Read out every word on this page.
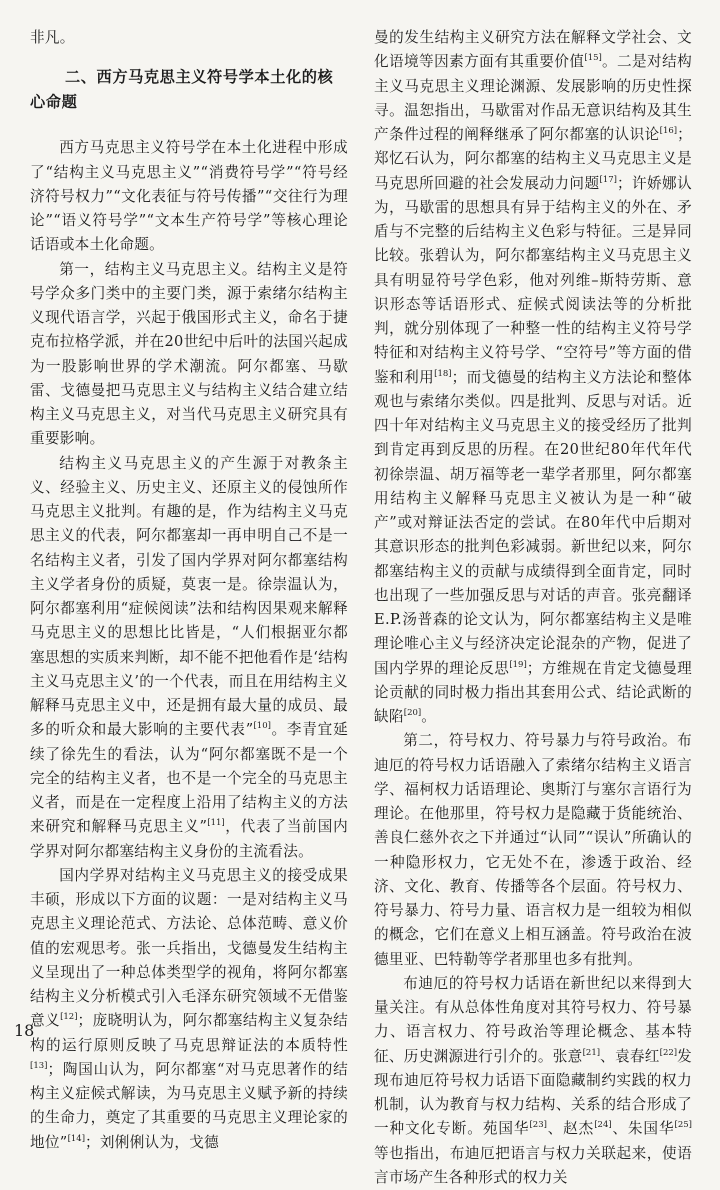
非凡。

二、西方马克思主义符号学本土化的核心命题

西方马克思主义符号学在本土化进程中形成了“结构主义马克思主义”“消费符号学”“符号经济符号权力”“文化表征与符号传播”“交往行为理论”“语义符号学”“文本生产符号学”等核心理论话语或本土化命题。

第一，结构主义马克思主义。结构主义是符号学众多门类中的主要门类，源于索绪尔结构主义现代语言学，兴起于俄国形式主义，命名于捷克布拉格学派，并在20世纪中后叶的法国兴起成为一股影响世界的学术潮流。阿尔都塞、马歇雷、戈德曼把马克思主义与结构主义结合建立结构主义马克思主义，对当代马克思主义研究具有重要影响。

结构主义马克思主义的产生源于对教条主义、经验主义、历史主义、还原主义的侵蚀所作马克思主义批判。有趣的是，作为结构主义马克思主义的代表，阿尔都塞却一再申明自己不是一名结构主义者，引发了国内学界对阿尔都塞结构主义学者身份的质疑，莫衷一是。徐崇温认为，阿尔都塞利用“症候阅读”法和结构因果观来解释马克思主义的思想比比皆是，“人们根据亚尔都塞思想的实质来判断，却不能不把他看作是‘结构主义马克思主义’的一个代表，而且在用结构主义解释马克思主义中，还是拥有最大量的成员、最多的听众和最大影响的主要代表”[10]。李青宜延续了徐先生的看法，认为“阿尔都塞既不是一个完全的结构主义者，也不是一个完全的马克思主义者，而是在一定程度上沿用了结构主义的方法来研究和解释马克思主义”[11]，代表了当前国内学界对阿尔都塞结构主义身份的主流看法。

国内学界对结构主义马克思主义的接受成果丰硕，形成以下方面的议题：一是对结构主义马克思主义理论范式、方法论、总体范畴、意义价值的宏观思考。张一兵指出，戈德曼发生结构主义呈现出了一种总体类型学的视角，将阿尔都塞结构主义分析模式引入毛泽东研究领域不无借鉴意义[12]；庞晓明认为，阿尔都塞结构主义复杂结构的运行原则反映了马克思辩证法的本质特性[13]；陶国山认为，阿尔都塞“对马克思著作的结构主义症候式解读，为马克思主义赋予新的持续的生命力，奠定了其重要的马克思主义理论家的地位”[14]；刘俐俐认为，戈德

曼的发生结构主义研究方法在解释文学社会、文化语境等因素方面有其重要价值[15]。二是对结构主义马克思主义理论渊源、发展影响的历史性探寻。温恕指出，马歇雷对作品无意识结构及其生产条件过程的阐释继承了阿尔都塞的认识论[16]；郑忆石认为，阿尔都塞的结构主义马克思主义是马克思所回避的社会发展动力问题[17]；许娇娜认为，马歇雷的思想具有异于结构主义的外在、矛盾与不完整的后结构主义色彩与特征。三是异同比较。张碧认为，阿尔都塞结构主义马克思主义具有明显符号学色彩，他对列维–斯特劳斯、意识形态等话语形式、症候式阅读法等的分析批判，就分别体现了一种整一性的结构主义符号学特征和对结构主义符号学、“空符号”等方面的借鉴和利用[18]；而戈德曼的结构主义方法论和整体观也与索绪尔类似。四是批判、反思与对话。近四十年对结构主义马克思主义的接受经历了批判到肯定再到反思的历程。在20世纪80年代年代初徐崇温、胡万福等老一辈学者那里，阿尔都塞用结构主义解释马克思主义被认为是一种“破产”或对辩证法否定的尝试。在80年代中后期对其意识形态的批判色彩减弱。新世纪以来，阿尔都塞结构主义的贡献与成绩得到全面肯定，同时也出现了一些加强反思与对话的声音。张亮翻译E.P.汤普森的论文认为，阿尔都塞结构主义是唯理论唯心主义与经济决定论混杂的产物，促进了国内学界的理论反思[19]；方维规在肯定戈德曼理论贡献的同时极力指出其套用公式、结论武断的缺陷[20]。

第二，符号权力、符号暴力与符号政治。布迪厄的符号权力话语融入了索绪尔结构主义语言学、福柯权力话语理论、奥斯汀与塞尔言语行为理论。在他那里，符号权力是隐藏于货能统治、善良仁慈外衣之下并通过“认同”“误认”所确认的一种隐形权力，它无处不在，渗透于政治、经济、文化、教育、传播等各个层面。符号权力、符号暴力、符号力量、语言权力是一组较为相似的概念，它们在意义上相互涵盖。符号政治在波德里亚、巴特勒等学者那里也多有批判。

布迪厄的符号权力话语在新世纪以来得到大量关注。有从总体性角度对其符号权力、符号暴力、语言权力、符号政治等理论概念、基本特征、历史渊源进行引介的。张意[21]、袁春红[22]发现布迪厄符号权力话语下面隐藏制约实践的权力机制，认为教育与权力结构、关系的结合形成了一种文化专断。苑国华[23]、赵杰[24]、朱国华[25]等也指出，布迪厄把语言与权力关联起来，使语言市场产生各种形式的权力关

18
